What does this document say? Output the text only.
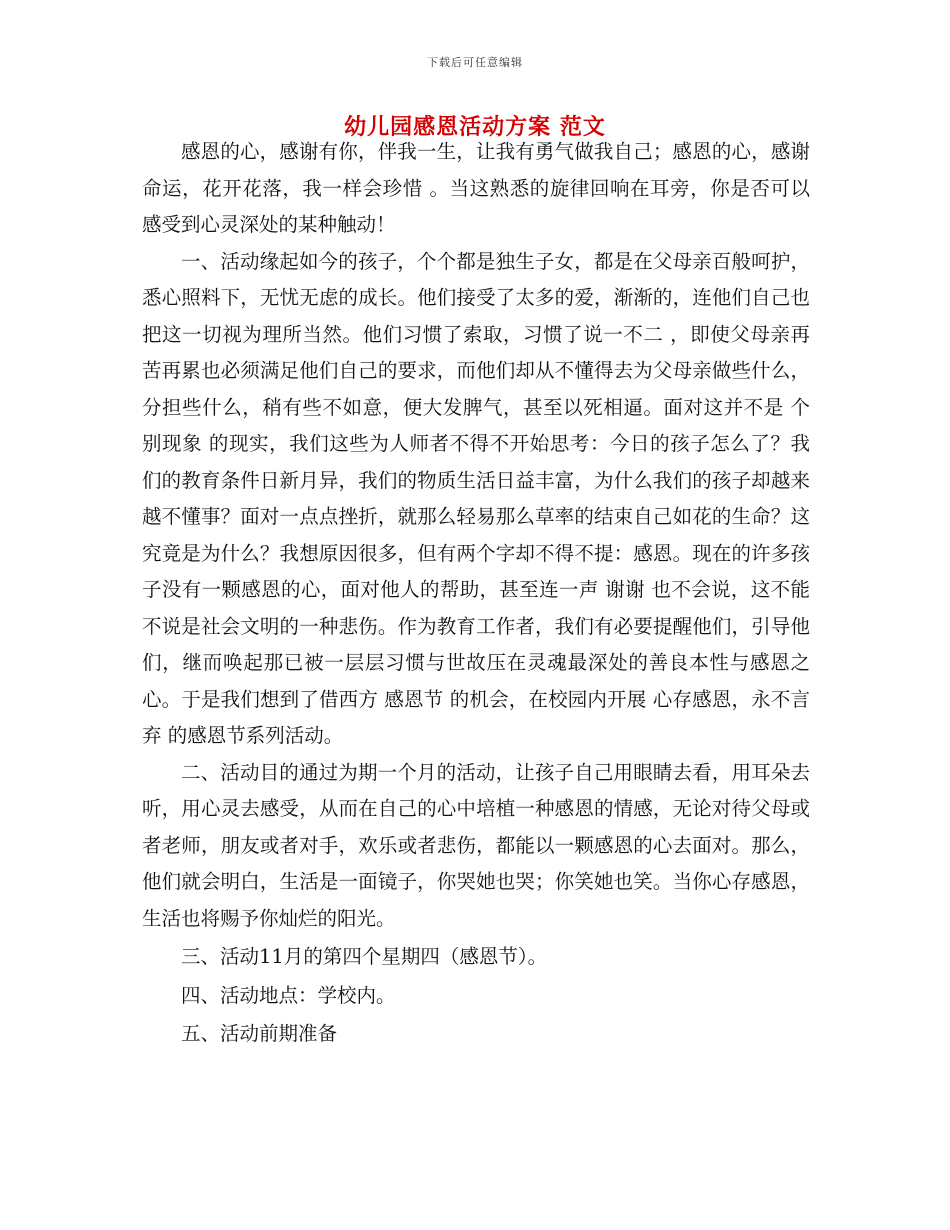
下载后可任意编辑
幼儿园感恩活动方案 范文

感恩的心，感谢有你，伴我一生，让我有勇气做我自己；感恩的心，感谢命运，花开花落，我一样会珍惜 。当这熟悉的旋律回响在耳旁，你是否可以感受到心灵深处的某种触动！

一、活动缘起如今的孩子，个个都是独生子女，都是在父母亲百般呵护，悉心照料下，无忧无虑的成长。他们接受了太多的爱，渐渐的，连他们自己也把这一切视为理所当然。他们习惯了索取，习惯了说一不二 ，即使父母亲再苦再累也必须满足他们自己的要求，而他们却从不懂得去为父母亲做些什么，分担些什么，稍有些不如意，便大发脾气，甚至以死相逼。面对这并不是 个别现象 的现实，我们这些为人师者不得不开始思考：今日的孩子怎么了？我们的教育条件日新月异，我们的物质生活日益丰富，为什么我们的孩子却越来越不懂事？面对一点点挫折，就那么轻易那么草率的结束自己如花的生命？这究竟是为什么？我想原因很多，但有两个字却不得不提：感恩。现在的许多孩子没有一颗感恩的心，面对他人的帮助，甚至连一声 谢谢 也不会说，这不能不说是社会文明的一种悲伤。作为教育工作者，我们有必要提醒他们，引导他们，继而唤起那已被一层层习惯与世故压在灵魂最深处的善良本性与感恩之心。于是我们想到了借西方 感恩节 的机会，在校园内开展 心存感恩，永不言弃 的感恩节系列活动。

二、活动目的通过为期一个月的活动，让孩子自己用眼睛去看，用耳朵去听，用心灵去感受，从而在自己的心中培植一种感恩的情感，无论对待父母或者老师，朋友或者对手，欢乐或者悲伤，都能以一颗感恩的心去面对。那么，他们就会明白，生活是一面镜子，你哭她也哭；你笑她也笑。当你心存感恩，生活也将赐予你灿烂的阳光。

三、活动11月的第四个星期四（感恩节）。

四、活动地点：学校内。

五、活动前期准备
